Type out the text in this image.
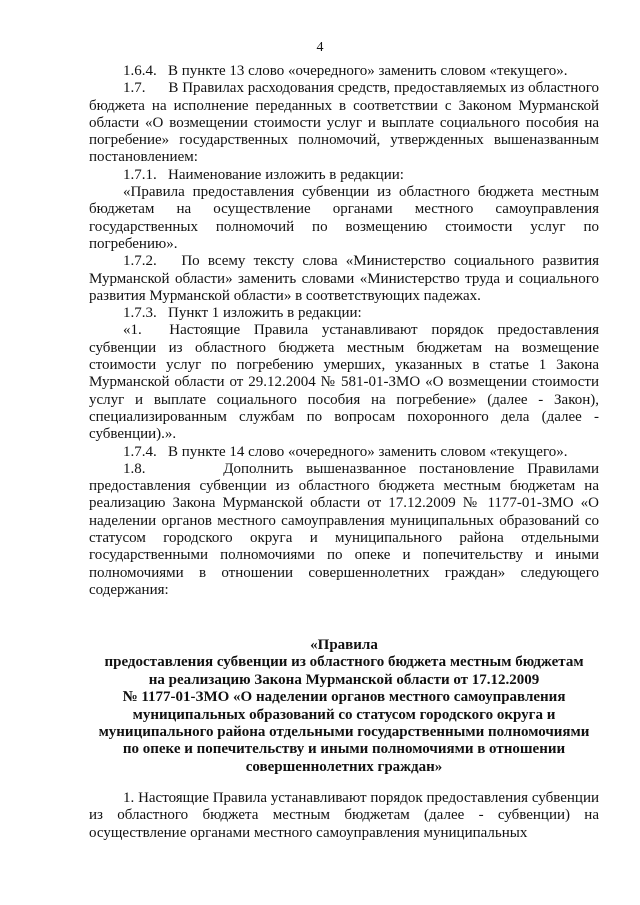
4

1.6.4.   В пункте 13 слово «очередного» заменить словом «текущего».

1.7.      В Правилах расходования средств, предоставляемых из областного бюджета на исполнение переданных в соответствии с Законом Мурманской области «О возмещении стоимости услуг и выплате социального пособия на погребение» государственных полномочий, утвержденных вышеназванным постановлением:

1.7.1.   Наименование изложить в редакции:

«Правила предоставления субвенции из областного бюджета местным бюджетам на осуществление органами местного самоуправления государственных полномочий по возмещению стоимости услуг по погребению».

1.7.2.   По всему тексту слова «Министерство социального развития Мурманской области» заменить словами «Министерство труда и социального развития Мурманской области» в соответствующих падежах.

1.7.3.   Пункт 1 изложить в редакции:

«1.  Настоящие Правила устанавливают порядок предоставления субвенции из областного бюджета местным бюджетам на возмещение стоимости услуг по погребению умерших, указанных в статье 1 Закона Мурманской области от 29.12.2004 № 581-01-ЗМО «О возмещении стоимости услуг и выплате социального пособия на погребение» (далее - Закон), специализированным службам по вопросам похоронного дела (далее - субвенции).».

1.7.4.   В пункте 14 слово «очередного» заменить словом «текущего».

1.8.      Дополнить вышеназванное постановление Правилами предоставления субвенции из областного бюджета местным бюджетам на реализацию Закона Мурманской области от 17.12.2009 № 1177-01-ЗМО «О наделении органов местного самоуправления муниципальных образований со статусом городского округа и муниципального района отдельными государственными полномочиями по опеке и попечительству и иными полномочиями в отношении совершеннолетних граждан» следующего содержания:

«Правила
предоставления субвенции из областного бюджета местным бюджетам
на реализацию Закона Мурманской области от 17.12.2009
№ 1177-01-ЗМО «О наделении органов местного самоуправления
муниципальных образований со статусом городского округа и
муниципального района отдельными государственными полномочиями
по опеке и попечительству и иными полномочиями в отношении
совершеннолетних граждан»

1. Настоящие Правила устанавливают порядок предоставления субвенции из областного бюджета местным бюджетам (далее - субвенции) на осуществление органами местного самоуправления муниципальных
